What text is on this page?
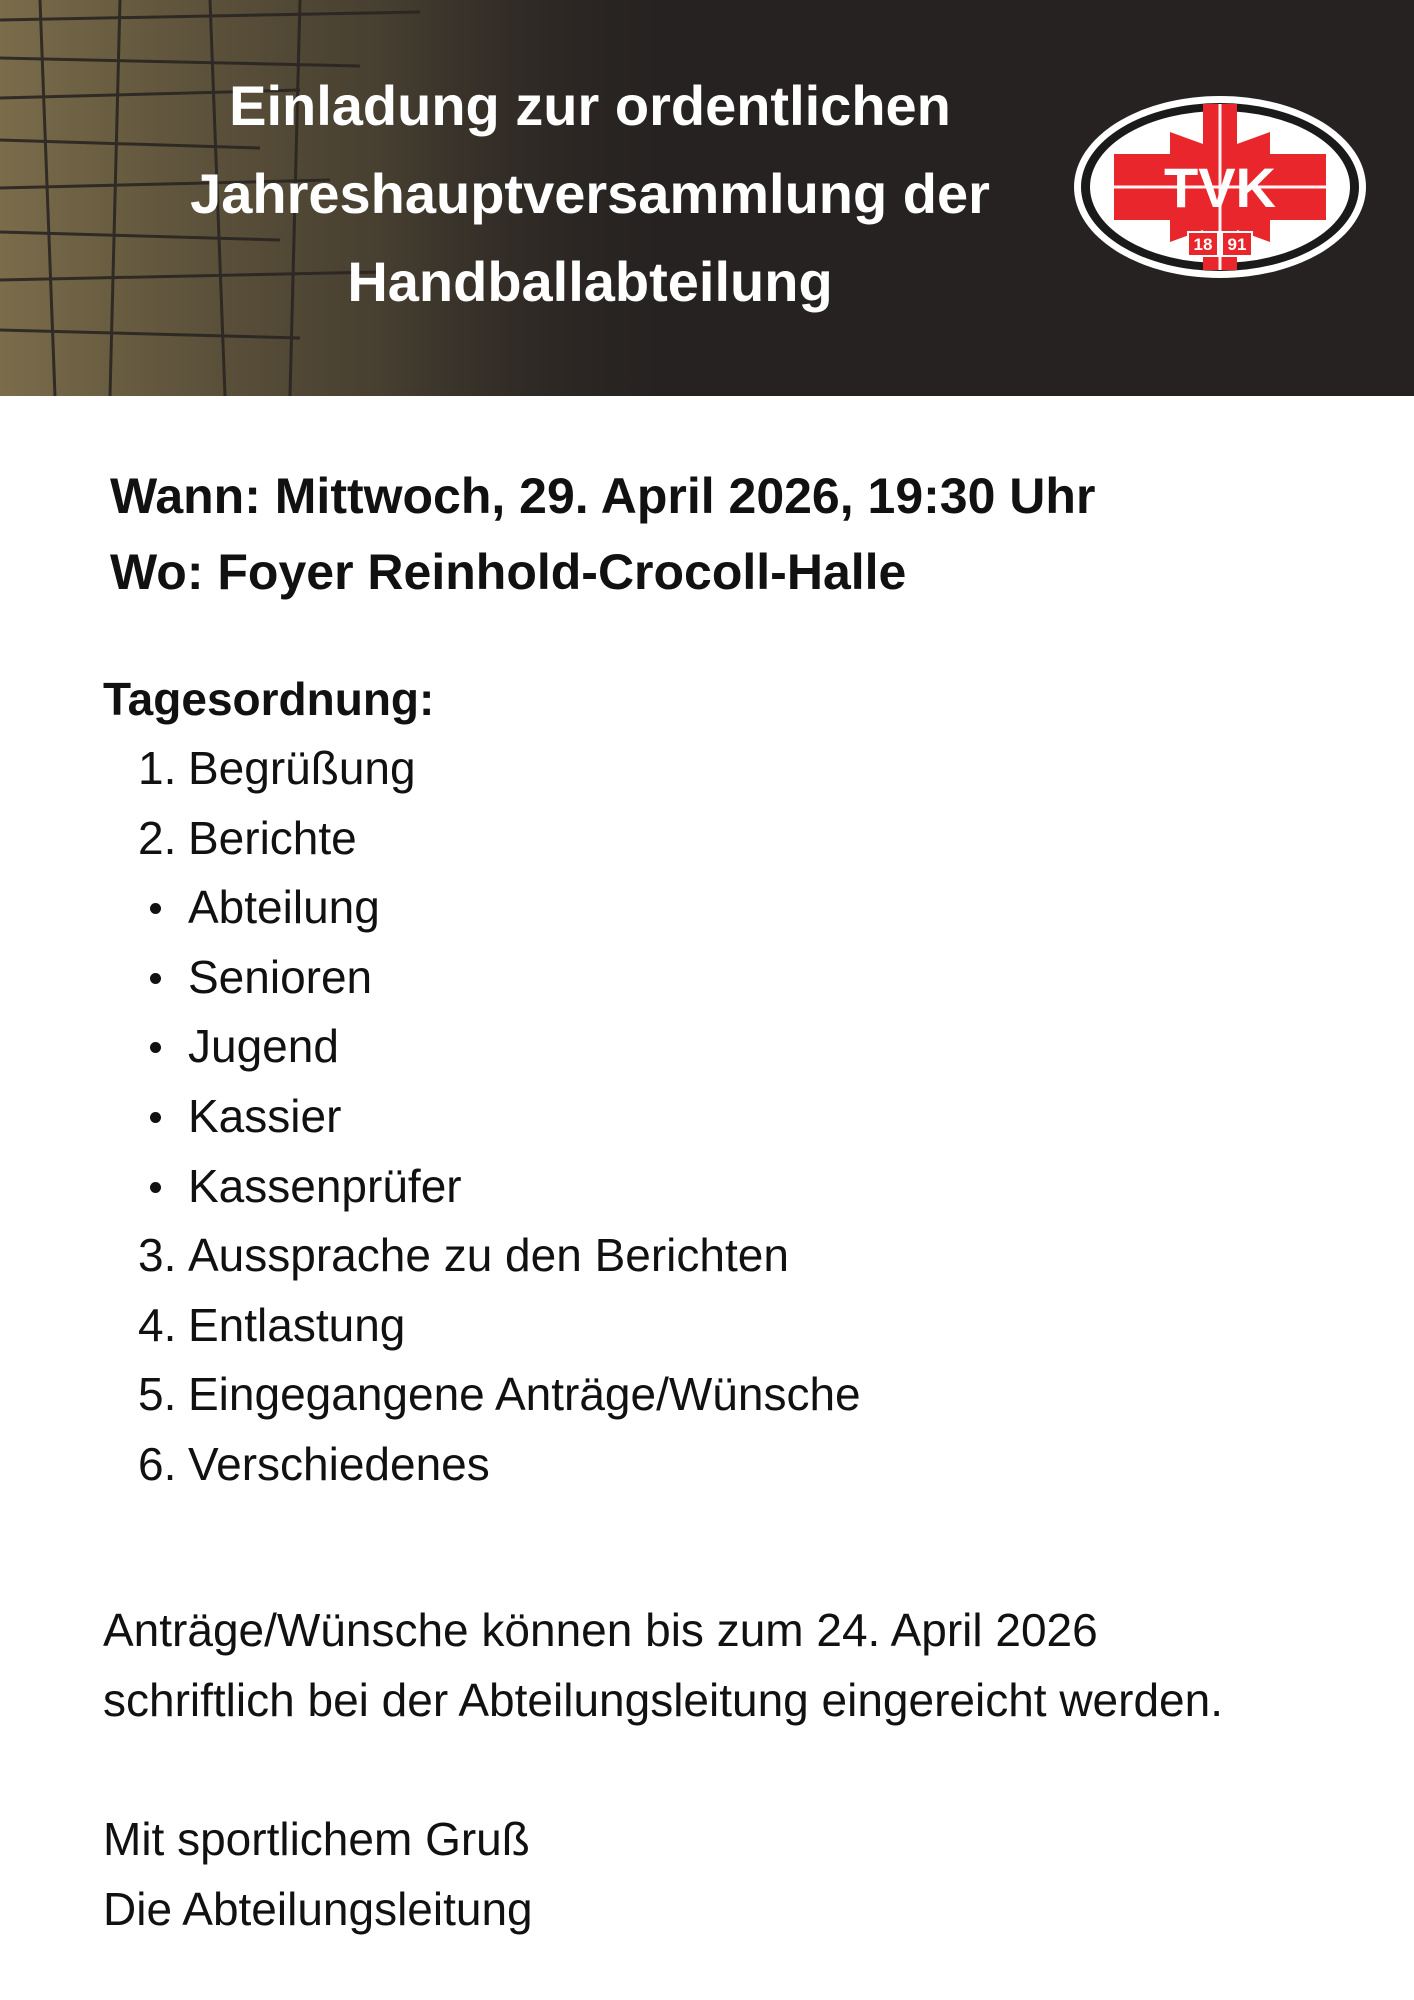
Einladung zur ordentlichen
Jahreshauptversammlung der
Handballabteilung
TVK
18 91
Wann: Mittwoch, 29. April 2026, 19:30 Uhr
Wo: Foyer Reinhold-Crocoll-Halle
Tagesordnung:
1. Begrüßung
2. Berichte
Abteilung
Senioren
Jugend
Kassier
Kassenprüfer
3. Aussprache zu den Berichten
4. Entlastung
5. Eingegangene Anträge/Wünsche
6. Verschiedenes

Anträge/Wünsche können bis zum 24. April 2026
schriftlich bei der Abteilungsleitung eingereicht werden.

Mit sportlichem Gruß
Die Abteilungsleitung
